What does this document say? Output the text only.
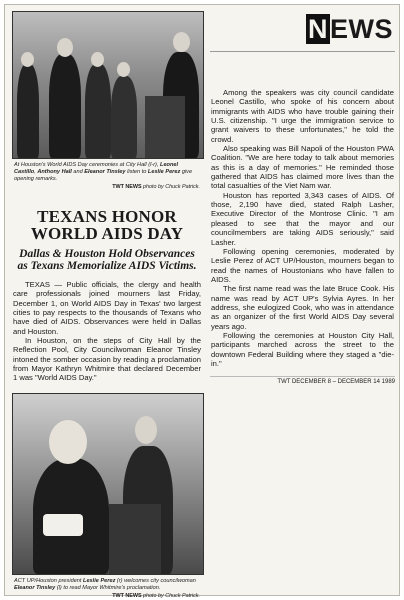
At Houston's World AIDS Day ceremonies at City Hall (l-r), Leonel Castillo, Anthony Hall and Eleanor Tinsley listen to Leslie Perez give opening remarks.
TWT NEWS photo by Chuck Patrick.
TEXANS HONOR
WORLD AIDS DAY
Dallas & Houston Hold Observances as Texans Memorialize AIDS Victims.

TEXAS — Public officials, the clergy and health care professionals joined mourners last Friday, December 1, on World AIDS Day in Texas' two largest cities to pay respects to the thousands of Texans who have died of AIDS. Observances were held in Dallas and Houston.

In Houston, on the steps of City Hall by the Reflection Pool, City Councilwoman Eleanor Tinsley intoned the somber occasion by reading a proclamation from Mayor Kathryn Whitmire that declared December 1 was "World AIDS Day."

ACT UP/Houston president Leslie Perez (r) welcomes city councilwoman Eleanor Tinsley (l) to read Mayor Whitmire's proclamation.
TWT NEWS photo by Chuck Patrick.
NEWS

Among the speakers was city council candidate Leonel Castillo, who spoke of his concern about immigrants with AIDS who have trouble gaining their U.S. citizenship. "I urge the immigration service to grant waivers to these unfortunates," he told the crowd.

Also speaking was Bill Napoli of the Houston PWA Coalition. "We are here today to talk about memories as this is a day of memories." He reminded those gathered that AIDS has claimed more lives than the total casualties of the Viet Nam war.

Houston has reported 3,343 cases of AIDS. Of those, 2,190 have died, stated Ralph Lasher, Executive Director of the Montrose Clinic. "I am pleased to see that the mayor and our councilmembers are taking AIDS seriously," said Lasher.

Following opening ceremonies, moderated by Leslie Perez of ACT UP/Houston, mourners began to read the names of Houstonians who have fallen to AIDS.

The first name read was the late Bruce Cook. His name was read by ACT UP's Sylvia Ayres. In her address, she eulogized Cook, who was in attendance as an organizer of the first World AIDS Day several years ago.

Following the ceremonies at Houston City Hall, participants marched across the street to the downtown Federal Building where they staged a "die-in."

TWT DECEMBER 8 – DECEMBER 14 1989
